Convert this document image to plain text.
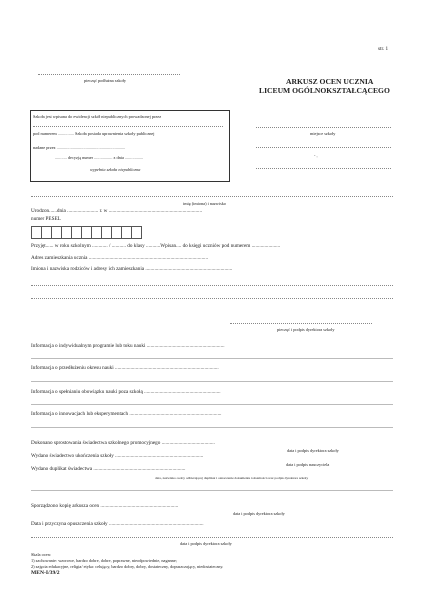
str. 1
pieczęć podłużna szkoły	ARKUSZ OCEN UCZNIA
LICEUM OGÓLNOKSZTAŁCĄCEGO
Szkoła jest wpisana do ewidencji szkół niepublicznych prowadzonej przez
pod numerem ............... Szkoła posiada uprawnienia szkoły publicznej
nadane przez ................................................................
........... decyzją numer ................. z dnia .................
wypełnia szkoła niepubliczna
miejsce szkoły
- ,
imię (imiona) i nazwisko
Urodzon......dnia ........................ r. w ........................................................................
numer PESEL
Przyjęt...... w roku szkolnym ............ / ........... do klasy ...........Wpisan.... do księgi uczniów pod numerem ......................
Adres zamieszkania ucznia ............................................................................................
Imiona i nazwiska rodziców i adresy ich zamieszkania ...................................................................
pieczęć i podpis dyrektora szkoły
Informacja o indywidualnym programie lub toku nauki ............................................................
Informacja o przedłużeniu okresu nauki ................................................................................
Informacja o spełnianiu obowiązku nauki poza szkołą ...........................................................
Informacja o innowacjach lub eksperymentach .......................................................................
Dokonano sprostowania świadectwa szkolnego promocyjnego .........................................
data i podpis dyrektora szkoły
Wydano świadectwo ukończenia szkoły ....................................................................
data i podpis nauczyciela
Wydano duplikat świadectwa .......................................................................
data, nazwisko osoby odbierającej duplikat i oznaczenie dokumentu tożsamości oraz podpis dyrektora szkoły
Sporządzono kopię arkusza ocen ............................................................
data i podpis dyrektora szkoły
Data i przyczyna opuszczenia szkoły .........................................................................
data i podpis dyrektora szkoły
Skala ocen:
1) zachowanie: wzorowe, bardzo dobre, dobre, poprawne, nieodpowiednie, naganne;
2) zajęcia edukacyjne, religia/ etyka: celujący, bardzo dobry, dobry, dostateczny, dopuszczający, niedostateczny.
MEN-I/39/2
